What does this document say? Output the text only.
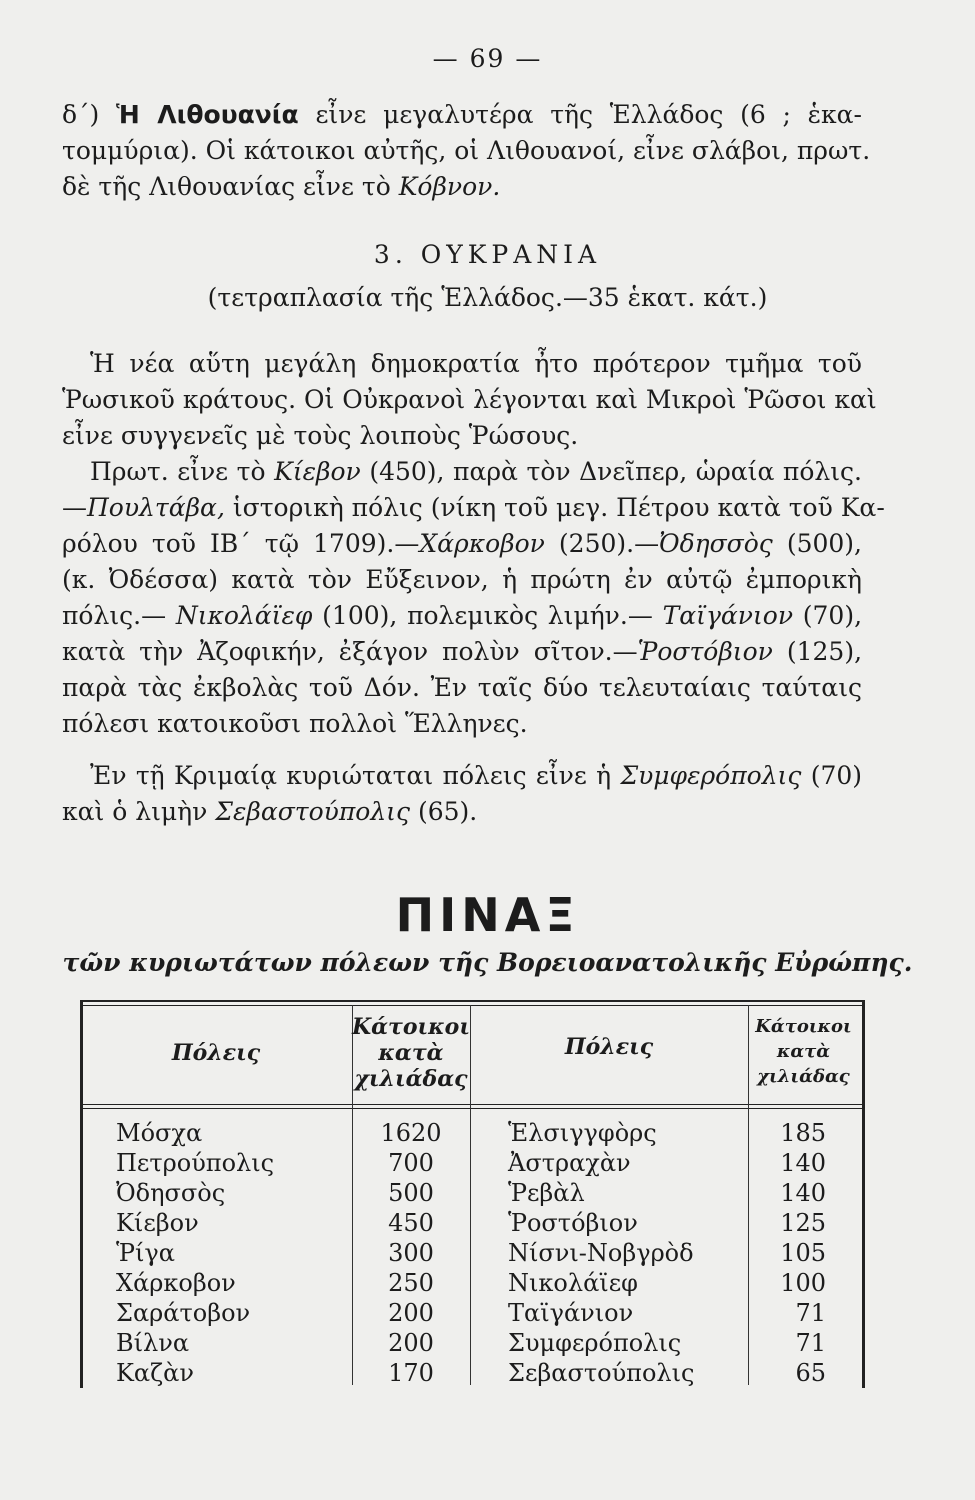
— 69 —
δ΄) Ἡ Λιθουανία εἶνε μεγαλυτέρα τῆς Ἑλλάδος (6 ; ἑκα-
τομμύρια). Οἱ κάτοικοι αὐτῆς, οἱ Λιθουανοί, εἶνε σλάβοι, πρωτ.
δὲ τῆς Λιθουανίας εἶνε τὸ Κόβνον.
3. ΟΥΚΡΑΝΙΑ
(τετραπλασία τῆς Ἑλλάδος.—35 ἑκατ. κάτ.)
Ἡ νέα αὕτη μεγάλη δημοκρατία ἦτο πρότερον τμῆμα τοῦ
Ῥωσικοῦ κράτους. Οἱ Οὐκρανοὶ λέγονται καὶ Μικροὶ Ῥῶσοι καὶ
εἶνε συγγενεῖς μὲ τοὺς λοιποὺς Ῥώσους.
Πρωτ. εἶνε τὸ Κίεβον (450), παρὰ τὸν Δνεῖπερ, ὡραία πόλις.
—Πουλτάβα, ἱστορικὴ πόλις (νίκη τοῦ μεγ. Πέτρου κατὰ τοῦ Κα-
ρόλου τοῦ ΙΒ΄ τῷ 1709).—Χάρκοβον (250).—Ὀδησσὸς (500),
(κ. Ὀδέσσα) κατὰ τὸν Εὔξεινον, ἡ πρώτη ἐν αὐτῷ ἐμπορικὴ
πόλις.— Νικολάϊεφ (100), πολεμικὸς λιμήν.— Ταϊγάνιον (70),
κατὰ τὴν Ἀζοφικήν, ἐξάγον πολὺν σῖτον.—Ῥοστόβιον (125),
παρὰ τὰς ἐκβολὰς τοῦ Δόν. Ἐν ταῖς δύο τελευταίαις ταύταις
πόλεσι κατοικοῦσι πολλοὶ Ἕλληνες.
Ἐν τῇ Κριμαίᾳ κυριώταται πόλεις εἶνε ἡ Συμφερόπολις (70)
καὶ ὁ λιμὴν Σεβαστούπολις (65).
ΠΙΝΑΞ
τῶν κυριωτάτων πόλεων τῆς Βορειοανατολικῆς Εὐρώπης.
Πόλεις
Κάτοικοι
κατὰ
χιλιάδας
Πόλεις
Κάτοικοι
κατὰ
χιλιάδας
Μόσχα
Πετρούπολις
Ὀδησσὸς
Κίεβον
Ῥίγα
Χάρκοβον
Σαράτοβον
Βίλνα
Καζὰν
1620
700
500
450
300
250
200
200
170
Ἑλσιγγφὸρς
Ἀστραχὰν
Ῥεβὰλ
Ῥοστόβιον
Νίσνι-Νοβγρὸδ
Νικολάϊεφ
Ταϊγάνιον
Συμφερόπολις
Σεβαστούπολις
185
140
140
125
105
100
71
71
65
